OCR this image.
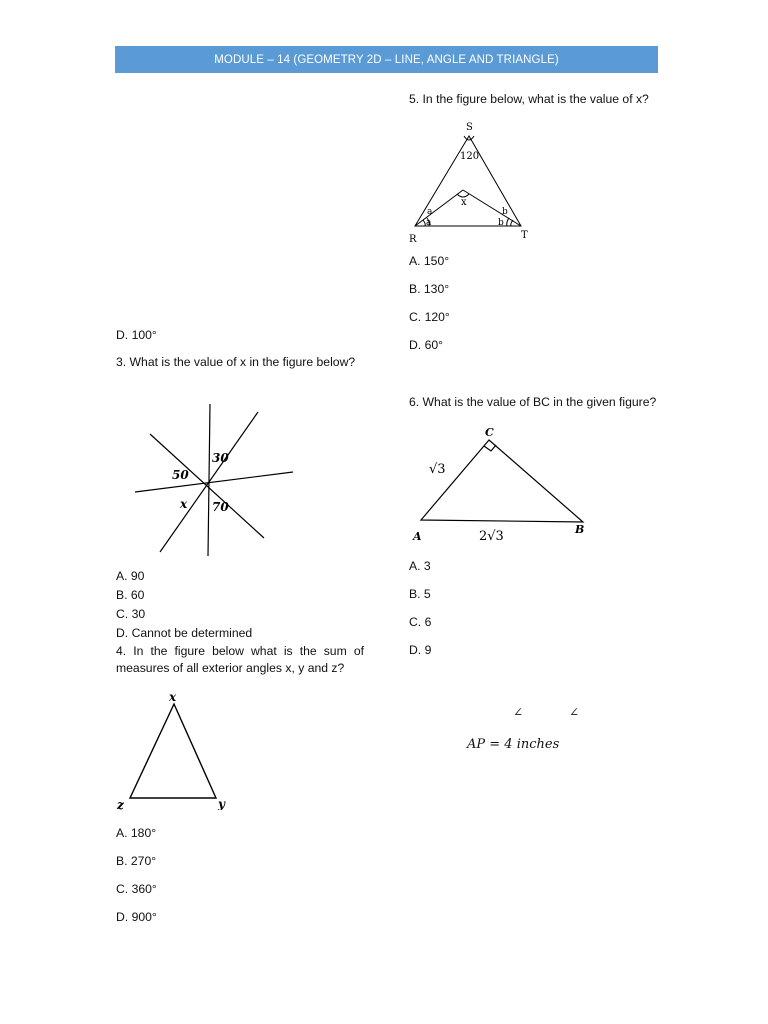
MODULE – 14 (GEOMETRY 2D – LINE, ANGLE AND TRIANGLE)
D. 100°
3. What is the value of x in the figure below?
30
50
x 70
A. 90
B. 60
C. 30
D. Cannot be determined
4. In the figure below what is the sum of measures of all exterior angles x, y and z?
x
z	y
A. 180°
B. 270°
C. 360°
D. 900°
5. In the figure below, what is the value of x?
S
120
x
a
a
b
b
R	T
A. 150°
B. 130°
C. 120°
D. 60°
6. What is the value of BC in the given figure?
C
√3
A	2√3	B
A. 3
B. 5
C. 6
D. 9
∠	∠
AP = 4 inches
